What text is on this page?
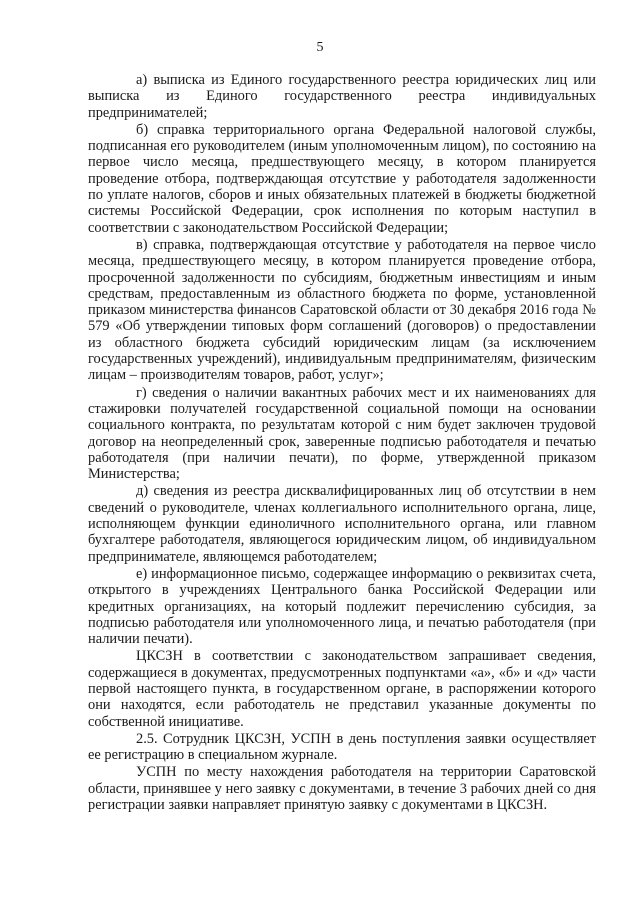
5

а) выписка из Единого государственного реестра юридических лиц или выписка из Единого государственного реестра индивидуальных предпринимателей;

б) справка территориального органа Федеральной налоговой службы, подписанная его руководителем (иным уполномоченным лицом), по состоянию на первое число месяца, предшествующего месяцу, в котором планируется проведение отбора, подтверждающая отсутствие у работодателя задолженности по уплате налогов, сборов и иных обязательных платежей в бюджеты бюджетной системы Российской Федерации, срок исполнения по которым наступил в соответствии с законодательством Российской Федерации;

в) справка, подтверждающая отсутствие у работодателя на первое число месяца, предшествующего месяцу, в котором планируется проведение отбора, просроченной задолженности по субсидиям, бюджетным инвестициям и иным средствам, предоставленным из областного бюджета по форме, установленной приказом министерства финансов Саратовской области от 30 декабря 2016 года № 579 «Об утверждении типовых форм соглашений (договоров) о предоставлении из областного бюджета субсидий юридическим лицам (за исключением государственных учреждений), индивидуальным предпринимателям, физическим лицам – производителям товаров, работ, услуг»;

г) сведения о наличии вакантных рабочих мест и их наименованиях для стажировки получателей государственной социальной помощи на основании социального контракта, по результатам которой с ним будет заключен трудовой договор на неопределенный срок, заверенные подписью работодателя и печатью работодателя (при наличии печати), по форме, утвержденной приказом Министерства;

д) сведения из реестра дисквалифицированных лиц об отсутствии в нем сведений о руководителе, членах коллегиального исполнительного органа, лице, исполняющем функции единоличного исполнительного органа, или главном бухгалтере работодателя, являющегося юридическим лицом, об индивидуальном предпринимателе, являющемся работодателем;

е) информационное письмо, содержащее информацию о реквизитах счета, открытого в учреждениях Центрального банка Российской Федерации или кредитных организациях, на который подлежит перечислению субсидия, за подписью работодателя или уполномоченного лица, и печатью работодателя (при наличии печати).

ЦКСЗН в соответствии с законодательством запрашивает сведения, содержащиеся в документах, предусмотренных подпунктами «а», «б» и «д» части первой настоящего пункта, в государственном органе, в распоряжении которого они находятся, если работодатель не представил указанные документы по собственной инициативе.

2.5. Сотрудник ЦКСЗН, УСПН в день поступления заявки осуществляет ее регистрацию в специальном журнале.

УСПН по месту нахождения работодателя на территории Саратовской области, принявшее у него заявку с документами, в течение 3 рабочих дней со дня регистрации заявки направляет принятую заявку с документами в ЦКСЗН.
